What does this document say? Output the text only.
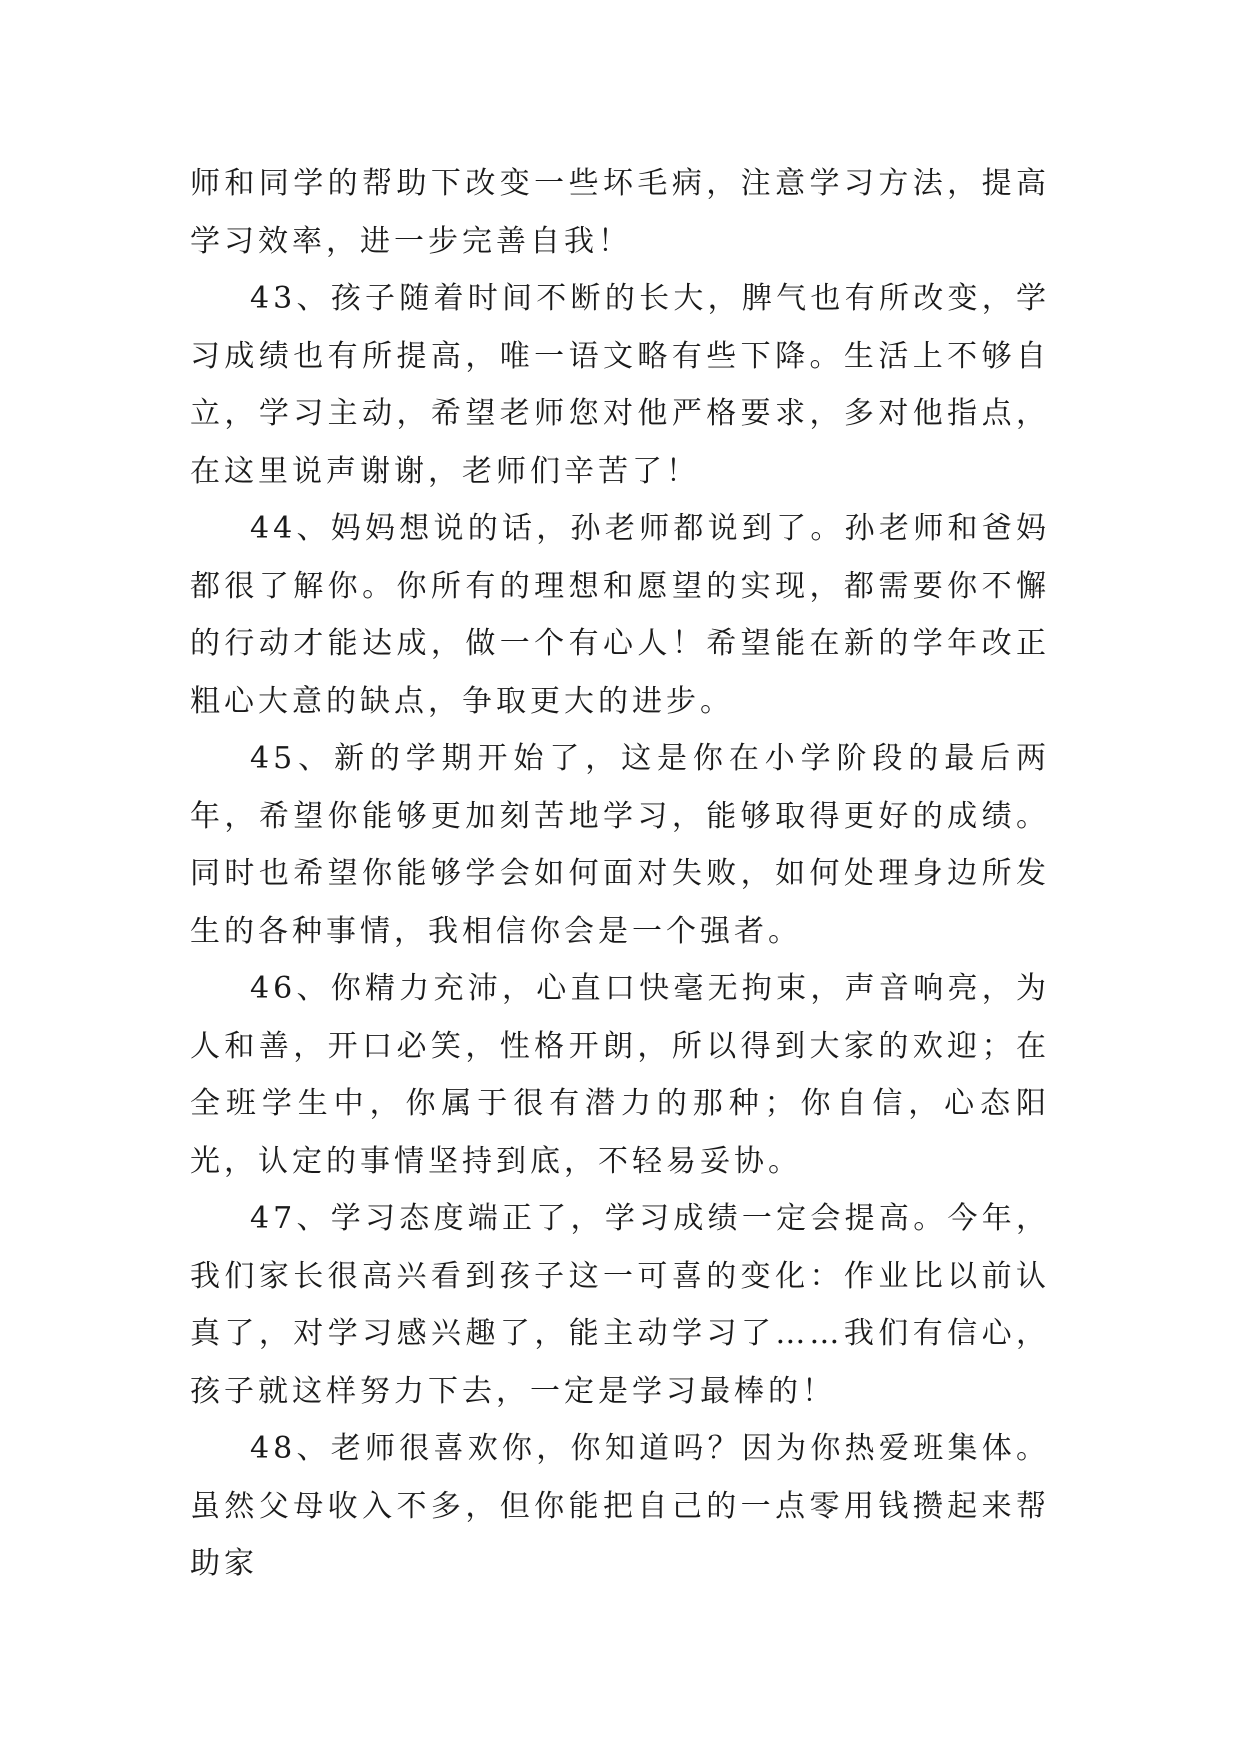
师和同学的帮助下改变一些坏毛病，注意学习方法，提高学习效率，进一步完善自我！

43、孩子随着时间不断的长大，脾气也有所改变，学习成绩也有所提高，唯一语文略有些下降。生活上不够自立，学习主动，希望老师您对他严格要求，多对他指点，在这里说声谢谢，老师们辛苦了！

44、妈妈想说的话，孙老师都说到了。孙老师和爸妈都很了解你。你所有的理想和愿望的实现，都需要你不懈的行动才能达成，做一个有心人！希望能在新的学年改正粗心大意的缺点，争取更大的进步。

45、新的学期开始了，这是你在小学阶段的最后两年，希望你能够更加刻苦地学习，能够取得更好的成绩。同时也希望你能够学会如何面对失败，如何处理身边所发生的各种事情，我相信你会是一个强者。

46、你精力充沛，心直口快毫无拘束，声音响亮，为人和善，开口必笑，性格开朗，所以得到大家的欢迎；在全班学生中，你属于很有潜力的那种；你自信，心态阳光，认定的事情坚持到底，不轻易妥协。

47、学习态度端正了，学习成绩一定会提高。今年，我们家长很高兴看到孩子这一可喜的变化：作业比以前认真了，对学习感兴趣了，能主动学习了……我们有信心，孩子就这样努力下去，一定是学习最棒的！

48、老师很喜欢你，你知道吗？因为你热爱班集体。虽然父母收入不多，但你能把自己的一点零用钱攒起来帮助家
